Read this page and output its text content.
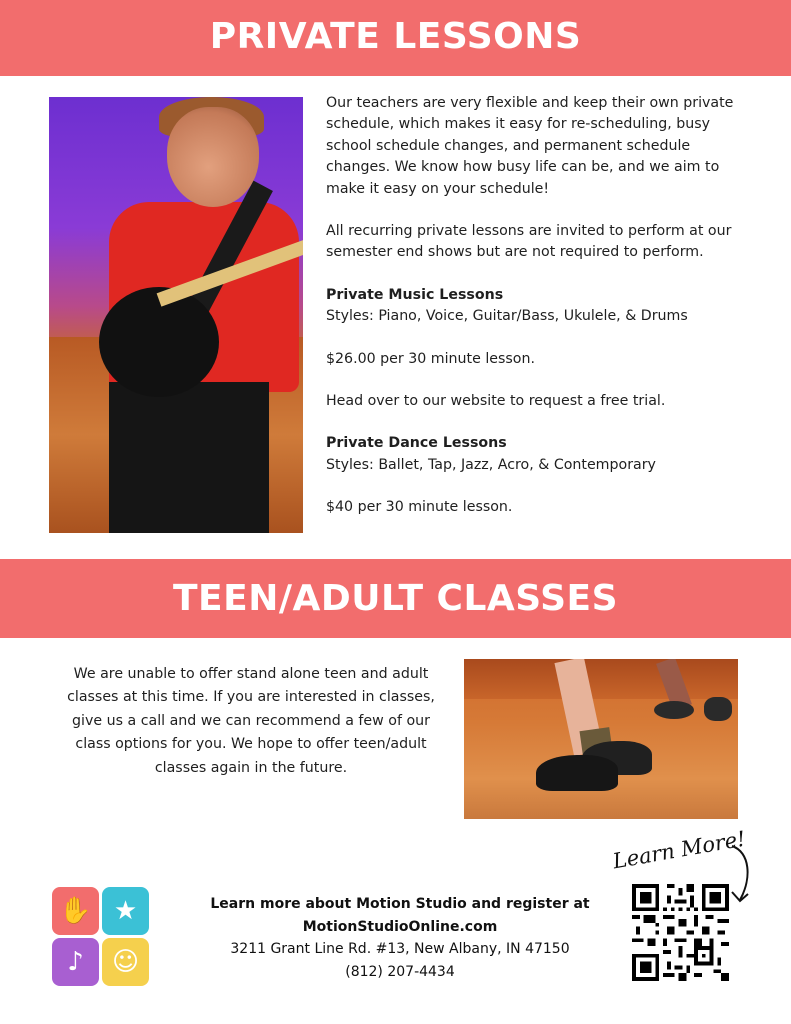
PRIVATE LESSONS

Our teachers are very flexible and keep their own private schedule, which makes it easy for re-scheduling, busy school schedule changes, and permanent schedule changes. We know how busy life can be, and we aim to make it easy on your schedule!

All recurring private lessons are invited to perform at our semester end shows but are not required to perform.

Private Music Lessons

Styles: Piano, Voice, Guitar/Bass, Ukulele, & Drums

$26.00 per 30 minute lesson.

Head over to our website to request a free trial.

Private Dance Lessons

Styles: Ballet, Tap, Jazz, Acro, & Contemporary

$40 per 30 minute lesson.

TEEN/ADULT CLASSES
We are unable to offer stand alone teen and adult classes at this time. If you are interested in classes, give us a call and we can recommend a few of our class options for you. We hope to offer teen/adult classes again in the future.
✋ ★
♪	☺
Learn more about Motion Studio and register at
MotionStudioOnline.com
3211 Grant Line Rd. #13, New Albany, IN 47150
(812) 207-4434
Learn More!
